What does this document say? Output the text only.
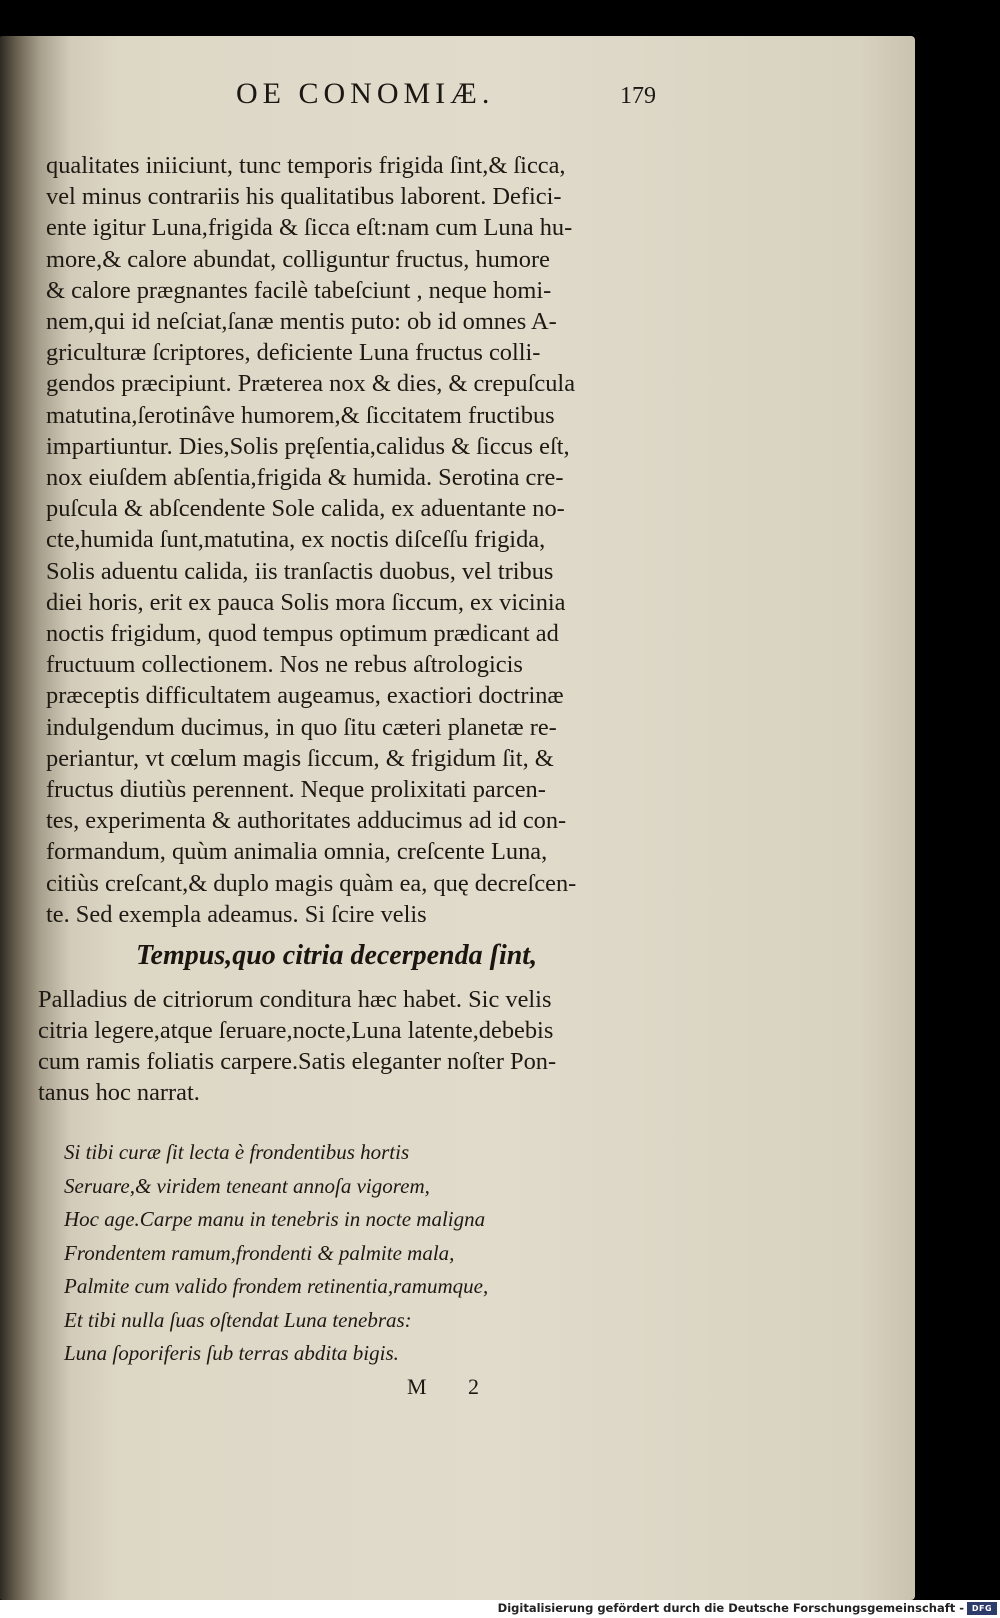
OE CONOMIÆ.	179
qualitates iniiciunt, tunc temporis frigida ſint,& ſicca,
vel minus contrariis his qualitatibus laborent. Defici-
ente igitur Luna,frigida & ſicca eſt:nam cum Luna hu-
more,& calore abundat, colliguntur fructus, humore
& calore prægnantes facilè tabeſciunt , neque homi-
nem,qui id neſciat,ſanæ mentis puto: ob id omnes A-
griculturæ ſcriptores, deficiente Luna fructus colli-
gendos præcipiunt. Præterea nox & dies, & crepuſcula
matutina,ſerotinâve humorem,& ſiccitatem fructibus
impartiuntur. Dies,Solis pręſentia,calidus & ſiccus eſt,
nox eiuſdem abſentia,frigida & humida. Serotina cre-
puſcula & abſcendente Sole calida, ex aduentante no-
cte,humida ſunt,matutina, ex noctis diſceſſu frigida,
Solis aduentu calida, iis tranſactis duobus, vel tribus
diei horis, erit ex pauca Solis mora ſiccum, ex vicinia
noctis frigidum, quod tempus optimum prædicant ad
fructuum collectionem. Nos ne rebus aſtrologicis
præceptis difficultatem augeamus, exactiori doctrinæ
indulgendum ducimus, in quo ſitu cæteri planetæ re-
periantur, vt cœlum magis ſiccum, & frigidum ſit, &
fructus diutiùs perennent. Neque prolixitati parcen-
tes, experimenta & authoritates adducimus ad id con-
formandum, quùm animalia omnia, creſcente Luna,
citiùs creſcant,& duplo magis quàm ea, quę decreſcen-
te. Sed exempla adeamus. Si ſcire velis
Tempus,quo citria decerpenda ſint,
Palladius de citriorum conditura hæc habet. Sic velis
citria legere,atque ſeruare,nocte,Luna latente,debebis
cum ramis foliatis carpere.Satis eleganter noſter Pon-
tanus hoc narrat.
Si tibi curæ ſit lecta è frondentibus hortis
Seruare,& viridem teneant annoſa vigorem,
Hoc age.Carpe manu in tenebris in nocte maligna
Frondentem ramum,frondenti & palmite mala,
Palmite cum valido frondem retinentia,ramumque,
Et tibi nulla ſuas oſtendat Luna tenebras:
Luna ſoporiferis ſub terras abdita bigis.
M 2
Digitalisierung gefördert durch die Deutsche Forschungsgemeinschaft - DFG
